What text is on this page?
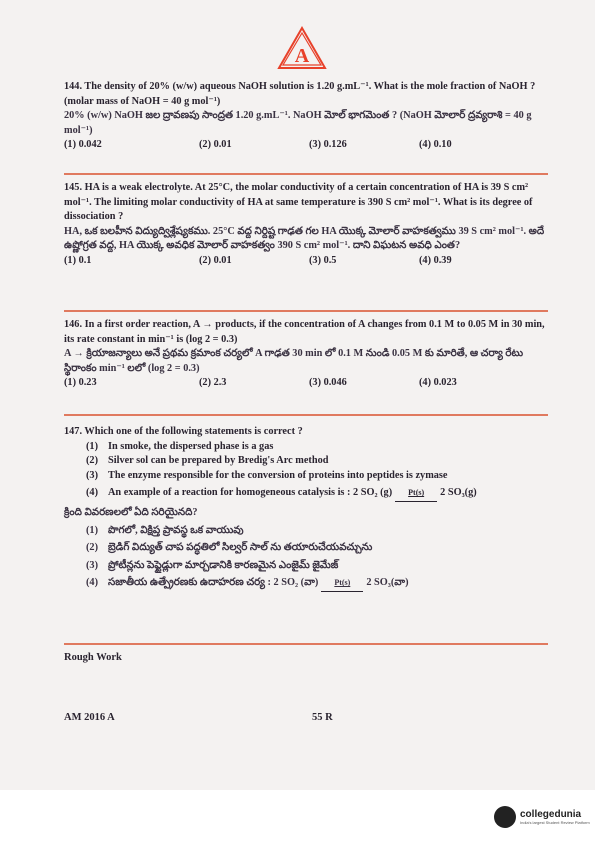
A
144. The density of 20% (w/w) aqueous NaOH solution is 1.20 g.mL⁻¹. What is the mole fraction of NaOH ? (molar mass of NaOH = 40 g mol⁻¹)
20% (w/w) NaOH జల ద్రావణపు సాంద్రత 1.20 g.mL⁻¹. NaOH మోల్ భాగమెంత ? (NaOH మోలార్ ద్రవ్యరాశి = 40 g mol⁻¹)
(1) 0.042	(2) 0.01	(3) 0.126	(4) 0.10
145. HA is a weak electrolyte. At 25°C, the molar conductivity of a certain concentration of HA is 39 S cm² mol⁻¹. The limiting molar conductivity of HA at same temperature is 390 S cm² mol⁻¹. What is its degree of dissociation ?
HA, ఒక బలహీన విద్యుద్విశ్లేష్యకము. 25°C వద్ద నిర్దిష్ట గాఢత గల HA యొక్క మోలార్ వాహకత్వము 39 S cm² mol⁻¹. అదే ఉష్ణోగ్రత వద్ద, HA యొక్క అవధిక మోలార్ వాహకత్వం 390 S cm² mol⁻¹. దాని విఘటన అవధి ఎంత?
(1) 0.1	(2) 0.01	(3) 0.5	(4) 0.39
146. In a first order reaction, A → products, if the concentration of A changes from 0.1 M to 0.05 M in 30 min, its rate constant in min⁻¹ is (log 2 = 0.3)
A → క్రియాజన్యాలు అనే ప్రథమ క్రమాంక చర్యలో A గాఢత 30 min లో 0.1 M నుండి 0.05 M కు మారితే, ఆ చర్యా రేటు స్థిరాంకం min⁻¹ లలో (log 2 = 0.3)
(1) 0.23	(2) 2.3	(3) 0.046	(4) 0.023
147. Which one of the following statements is correct ?
(1) In smoke, the dispersed phase is a gas
(2) Silver sol can be prepared by Bredig's Arc method
(3) The enzyme responsible for the conversion of proteins into peptides is zymase
(4) An example of a reaction for homogeneous catalysis is : 2 SO₂ (g) Pt(s) 2 SO₃(g)
క్రింది వివరణలలో ఏది సరియైనది?
(1) పొగలో, విక్షిప్త ప్రావస్థ ఒక వాయువు
(2) బ్రెడిగ్ విద్యుత్ చాప పద్ధతిలో సిల్వర్ సాల్ ను తయారుచేయవచ్చును
(3) ప్రోటీన్లను పెప్టైడ్లుగా మార్చడానికి కారణమైన ఎంజైమ్ జైమేజ్
(4) సజాతీయ ఉత్ప్రేరణకు ఉదాహరణ చర్య : 2 SO₂ (వా) Pt(s) 2 SO₃(వా)
Rough Work
AM 2016 A	55 R
collegedunia
India's largest Student Review Platform
